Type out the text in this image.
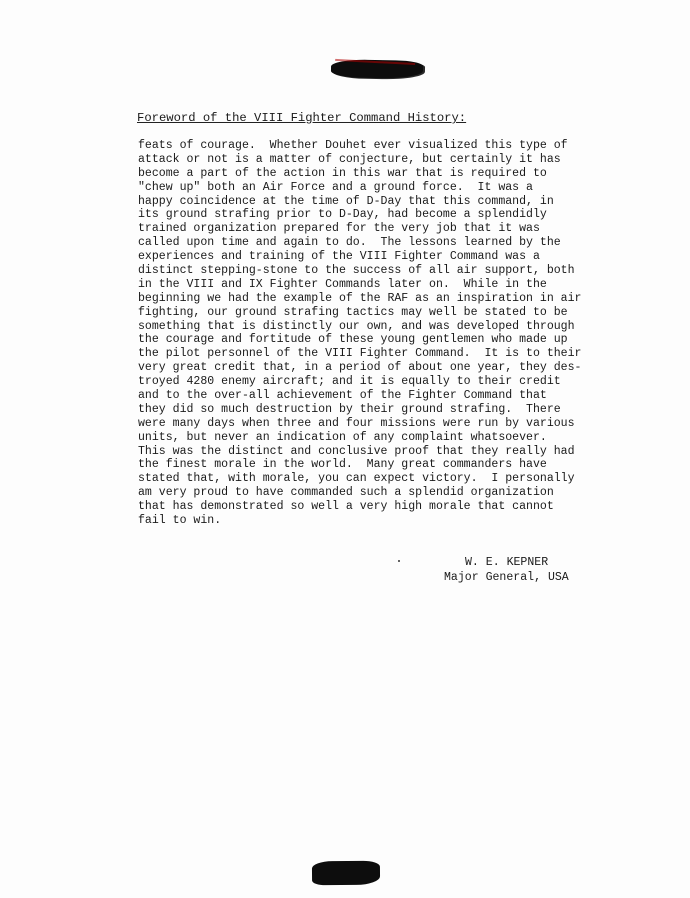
Foreword of the VIII Fighter Command History:
feats of courage.  Whether Douhet ever visualized this type of
attack or not is a matter of conjecture, but certainly it has
become a part of the action in this war that is required to
"chew up" both an Air Force and a ground force.  It was a
happy coincidence at the time of D-Day that this command, in
its ground strafing prior to D-Day, had become a splendidly
trained organization prepared for the very job that it was
called upon time and again to do.  The lessons learned by the
experiences and training of the VIII Fighter Command was a
distinct stepping-stone to the success of all air support, both
in the VIII and IX Fighter Commands later on.  While in the
beginning we had the example of the RAF as an inspiration in air
fighting, our ground strafing tactics may well be stated to be
something that is distinctly our own, and was developed through
the courage and fortitude of these young gentlemen who made up
the pilot personnel of the VIII Fighter Command.  It is to their
very great credit that, in a period of about one year, they des-
troyed 4280 enemy aircraft; and it is equally to their credit
and to the over-all achievement of the Fighter Command that
they did so much destruction by their ground strafing.  There
were many days when three and four missions were run by various
units, but never an indication of any complaint whatsoever.
This was the distinct and conclusive proof that they really had
the finest morale in the world.  Many great commanders have
stated that, with morale, you can expect victory.  I personally
am very proud to have commanded such a splendid organization
that has demonstrated so well a very high morale that cannot
fail to win.
W. E. KEPNER
Major General, USA
